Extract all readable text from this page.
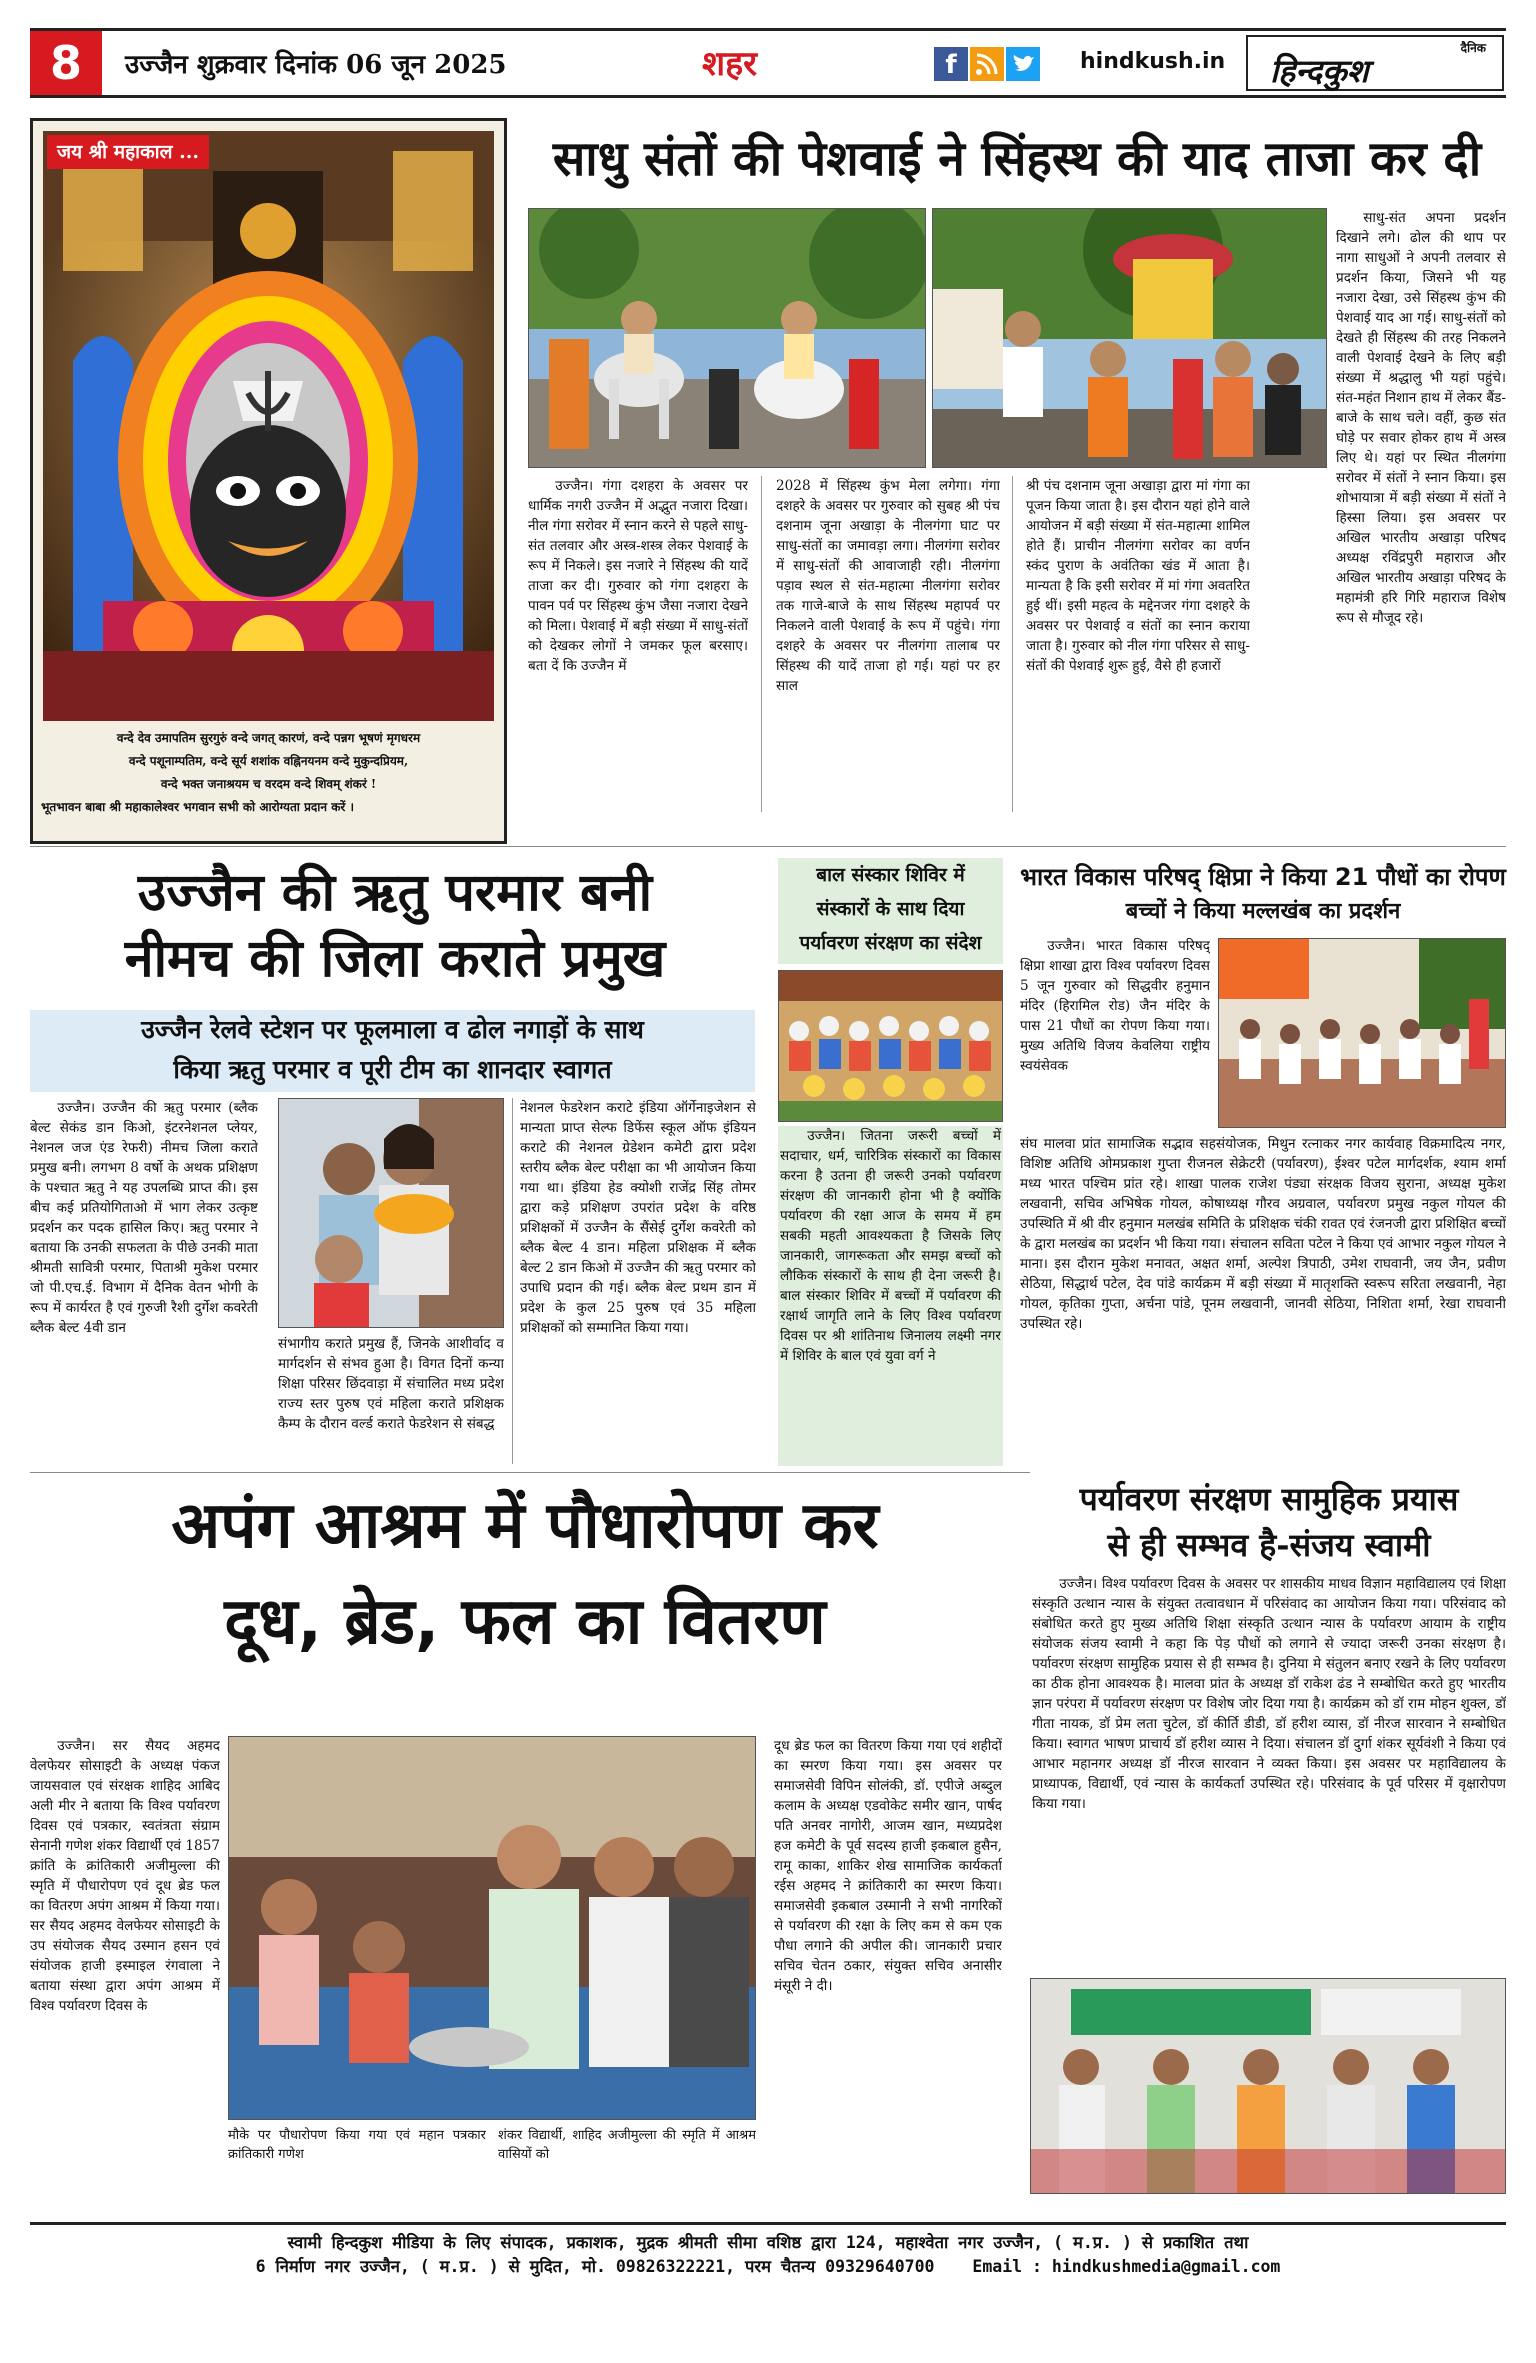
8	उज्जैन शुक्रवार दिनांक 06 जून 2025	शहर	f	hindkush.in
दैनिक
हिन्दकुश
जय श्री महाकाल ...
वन्दे देव उमापतिम सुरगुरुं वन्दे जगत् कारणं, वन्दे पन्नग भूषणं मृगधरम
वन्दे पशूनाम्पतिम, वन्दे सूर्य शशांक वह्निनयनम वन्दे मुकुन्दप्रियम,
वन्दे भक्त जनाश्रयम च वरदम वन्दे शिवम् शंकरं !
भूतभावन बाबा श्री महाकालेश्वर भगवान सभी को आरोग्यता प्रदान करें ।
साधु संतों की पेशवाई ने सिंहस्थ की याद ताजा कर दी
उज्जैन। गंगा दशहरा के अवसर पर धार्मिक नगरी उज्जैन में अद्भुत नजारा दिखा। नील गंगा सरोवर में स्नान करने से पहले साधु-संत तलवार और अस्त्र-शस्त्र लेकर पेशवाई के रूप में निकले। इस नजारे ने सिंहस्थ की यादें ताजा कर दी। गुरुवार को गंगा दशहरा के पावन पर्व पर सिंहस्थ कुंभ जैसा नजारा देखने को मिला। पेशवाई में बड़ी संख्या में साधु-संतों को देखकर लोगों ने जमकर फूल बरसाए। बता दें कि उज्जैन में
2028 में सिंहस्थ कुंभ मेला लगेगा। गंगा दशहरे के अवसर पर गुरुवार को सुबह श्री पंच दशनाम जूना अखाड़ा के नीलगंगा घाट पर साधु-संतों का जमावड़ा लगा। नीलगंगा सरोवर में साधु-संतों की आवाजाही रही। नीलगंगा पड़ाव स्थल से संत-महात्मा नीलगंगा सरोवर तक गाजे-बाजे के साथ सिंहस्थ महापर्व पर निकलने वाली पेशवाई के रूप में पहुंचे। गंगा दशहरे के अवसर पर नीलगंगा तालाब पर सिंहस्थ की यादें ताजा हो गई। यहां पर हर साल
श्री पंच दशनाम जूना अखाड़ा द्वारा मां गंगा का पूजन किया जाता है। इस दौरान यहां होने वाले आयोजन में बड़ी संख्या में संत-महात्मा शामिल होते हैं। प्राचीन नीलगंगा सरोवर का वर्णन स्कंद पुराण के अवंतिका खंड में आता है। मान्यता है कि इसी सरोवर में मां गंगा अवतरित हुई थीं। इसी महत्व के मद्देनजर गंगा दशहरे के अवसर पर पेशवाई व संतों का स्नान कराया जाता है। गुरुवार को नील गंगा परिसर से साधु-संतों की पेशवाई शुरू हुई, वैसे ही हजारों
साधु-संत अपना प्रदर्शन दिखाने लगे। ढोल की थाप पर नागा साधुओं ने अपनी तलवार से प्रदर्शन किया, जिसने भी यह नजारा देखा, उसे सिंहस्थ कुंभ की पेशवाई याद आ गई। साधु-संतों को देखते ही सिंहस्थ की तरह निकलने वाली पेशवाई देखने के लिए बड़ी संख्या में श्रद्धालु भी यहां पहुंचे। संत-महंत निशान हाथ में लेकर बैंड-बाजे के साथ चले। वहीं, कुछ संत घोड़े पर सवार होकर हाथ में अस्त्र लिए थे। यहां पर स्थित नीलगंगा सरोवर में संतों ने स्नान किया। इस शोभायात्रा में बड़ी संख्या में संतों ने हिस्सा लिया। इस अवसर पर अखिल भारतीय अखाड़ा परिषद अध्यक्ष रविंद्रपुरी महाराज और अखिल भारतीय अखाड़ा परिषद के महामंत्री हरि गिरि महाराज विशेष रूप से मौजूद रहे।
उज्जैन की ऋतु परमार बनी
नीमच की जिला कराते प्रमुख
उज्जैन रेलवे स्टेशन पर फूलमाला व ढोल नगाड़ों के साथ
किया ऋतु परमार व पूरी टीम का शानदार स्वागत
उज्जैन। उज्जैन की ऋतु परमार (ब्लैक बेल्ट सेकंड डान किओ, इंटरनेशनल प्लेयर, नेशनल जज एंड रेफरी) नीमच जिला कराते प्रमुख बनी। लगभग 8 वर्षो के अथक प्रशिक्षण के पश्चात ऋतु ने यह उपलब्धि प्राप्त की। इस बीच कई प्रतियोगिताओ में भाग लेकर उत्कृष्ट प्रदर्शन कर पदक हासिल किए। ऋतु परमार ने बताया कि उनकी सफलता के पीछे उनकी माता श्रीमती सावित्री परमार, पिताश्री मुकेश परमार जो पी.एच.ई. विभाग में दैनिक वेतन भोगी के रूप में कार्यरत है एवं गुरुजी रैशी दुर्गेश कवरेती ब्लैक बेल्ट 4वी डान
संभागीय कराते प्रमुख हैं, जिनके आशीर्वाद व मार्गदर्शन से संभव हुआ है। विगत दिनों कन्या शिक्षा परिसर छिंदवाड़ा में संचालित मध्य प्रदेश राज्य स्तर पुरुष एवं महिला कराते प्रशिक्षक कैम्प के दौरान वर्ल्ड कराते फेडरेशन से संबद्ध
नेशनल फेडरेशन कराटे इंडिया ऑर्गेनाइजेशन से मान्यता प्राप्त सेल्फ डिफेंस स्कूल ऑफ इंडियन कराटे की नेशनल ग्रेडेशन कमेटी द्वारा प्रदेश स्तरीय ब्लैक बेल्ट परीक्षा का भी आयोजन किया गया था। इंडिया हेड क्योशी राजेंद्र सिंह तोमर द्वारा कड़े प्रशिक्षण उपरांत प्रदेश के वरिष्ठ प्रशिक्षकों में उज्जैन के सैंसेई दुर्गेश कवरेती को ब्लैक बेल्ट 4 डान। महिला प्रशिक्षक में ब्लैक बेल्ट 2 डान किओ में उज्जैन की ऋतु परमार को उपाधि प्रदान की गई। ब्लैक बेल्ट प्रथम डान में प्रदेश के कुल 25 पुरुष एवं 35 महिला प्रशिक्षकों को सम्मानित किया गया।
बाल संस्कार शिविर में
संस्कारों के साथ दिया
पर्यावरण संरक्षण का संदेश
उज्जैन। जितना जरूरी बच्चों में सदाचार, धर्म, चारित्रिक संस्कारों का विकास करना है उतना ही जरूरी उनको पर्यावरण संरक्षण की जानकारी होना भी है क्योंकि पर्यावरण की रक्षा आज के समय में हम सबकी महती आवश्यकता है जिसके लिए जानकारी, जागरूकता और समझ बच्चों को लौकिक संस्कारों के साथ ही देना जरूरी है। बाल संस्कार शिविर में बच्चों में पर्यावरण की रक्षार्थ जागृति लाने के लिए विश्व पर्यावरण दिवस पर श्री शांतिनाथ जिनालय लक्ष्मी नगर में शिविर के बाल एवं युवा वर्ग ने
भारत विकास परिषद् क्षिप्रा ने किया 21 पौधों का रोपण
बच्चों ने किया मल्लखंब का प्रदर्शन
उज्जैन। भारत विकास परिषद् क्षिप्रा शाखा द्वारा विश्व पर्यावरण दिवस 5 जून गुरुवार को सिद्धवीर हनुमान मंदिर (हिरामिल रोड) जैन मंदिर के पास 21 पौधों का रोपण किया गया। मुख्य अतिथि विजय केवलिया राष्ट्रीय स्वयंसेवक
संघ मालवा प्रांत सामाजिक सद्भाव सहसंयोजक, मिथुन रत्नाकर नगर कार्यवाह विक्रमादित्य नगर, विशिष्ट अतिथि ओमप्रकाश गुप्ता रीजनल सेक्रेटरी (पर्यावरण), ईश्वर पटेल मार्गदर्शक, श्याम शर्मा मध्य भारत पश्चिम प्रांत रहे। शाखा पालक राजेश पंड्या संरक्षक विजय सुराना, अध्यक्ष मुकेश लखवानी, सचिव अभिषेक गोयल, कोषाध्यक्ष गौरव अग्रवाल, पर्यावरण प्रमुख नकुल गोयल की उपस्थिति में श्री वीर हनुमान मलखंब समिति के प्रशिक्षक चंकी रावत एवं रंजनजी द्वारा प्रशिक्षित बच्चों के द्वारा मलखंब का प्रदर्शन भी किया गया। संचालन सविता पटेल ने किया एवं आभार नकुल गोयल ने माना। इस दौरान मुकेश मनावत, अक्षत शर्मा, अल्पेश त्रिपाठी, उमेश राघवानी, जय जैन, प्रवीण सेठिया, सिद्धार्थ पटेल, देव पांडे कार्यक्रम में बड़ी संख्या में मातृशक्ति स्वरूप सरिता लखवानी, नेहा गोयल, कृतिका गुप्ता, अर्चना पांडे, पूनम लखवानी, जानवी सेठिया, निशिता शर्मा, रेखा राघवानी उपस्थित रहे।
अपंग आश्रम में पौधारोपण कर
दूध, ब्रेड, फल का वितरण
उज्जैन। सर सैयद अहमद वेलफेयर सोसाइटी के अध्यक्ष पंकज जायसवाल एवं संरक्षक शाहिद आबिद अली मीर ने बताया कि विश्व पर्यावरण दिवस एवं पत्रकार, स्वतंत्रता संग्राम सेनानी गणेश शंकर विद्यार्थी एवं 1857 क्रांति के क्रांतिकारी अजीमुल्ला की स्मृति में पौधारोपण एवं दूध ब्रेड फल का वितरण अपंग आश्रम में किया गया। सर सैयद अहमद वेलफेयर सोसाइटी के उप संयोजक सैयद उस्मान हसन एवं संयोजक हाजी इस्माइल रंगवाला ने बताया संस्था द्वारा अपंग आश्रम में विश्व पर्यावरण दिवस के
मौके पर पौधारोपण किया गया एवं महान पत्रकार क्रांतिकारी गणेश
शंकर विद्यार्थी, शाहिद अजीमुल्ला की स्मृति में आश्रम वासियों को
दूध ब्रेड फल का वितरण किया गया एवं शहीदों का स्मरण किया गया। इस अवसर पर समाजसेवी विपिन सोलंकी, डॉ. एपीजे अब्दुल कलाम के अध्यक्ष एडवोकेट समीर खान, पार्षद पति अनवर नागोरी, आजम खान, मध्यप्रदेश हज कमेटी के पूर्व सदस्य हाजी इकबाल हुसैन, रामू काका, शाकिर शेख सामाजिक कार्यकर्ता रईस अहमद ने क्रांतिकारी का स्मरण किया। समाजसेवी इकबाल उस्मानी ने सभी नागरिकों से पर्यावरण की रक्षा के लिए कम से कम एक पौधा लगाने की अपील की। जानकारी प्रचार सचिव चेतन ठकार, संयुक्त सचिव अनासीर मंसूरी ने दी।
पर्यावरण संरक्षण सामुहिक प्रयास
से ही सम्भव है-संजय स्वामी
उज्जैन। विश्व पर्यावरण दिवस के अवसर पर शासकीय माधव विज्ञान महाविद्यालय एवं शिक्षा संस्कृति उत्थान न्यास के संयुक्त तत्वावधान में परिसंवाद का आयोजन किया गया। परिसंवाद को संबोधित करते हुए मुख्य अतिथि शिक्षा संस्कृति उत्थान न्यास के पर्यावरण आयाम के राष्ट्रीय संयोजक संजय स्वामी ने कहा कि पेड़ पौधों को लगाने से ज्यादा जरूरी उनका संरक्षण है। पर्यावरण संरक्षण सामुहिक प्रयास से ही सम्भव है। दुनिया मे संतुलन बनाए रखने के लिए पर्यावरण का ठीक होना आवश्यक है। मालवा प्रांत के अध्यक्ष डॉ राकेश ढंड ने सम्बोधित करते हुए भारतीय ज्ञान परंपरा में पर्यावरण संरक्षण पर विशेष जोर दिया गया है। कार्यक्रम को डॉ राम मोहन शुक्ल, डॉ गीता नायक, डॉ प्रेम लता चुटेल, डॉ कीर्ति डीडी, डॉ हरीश व्यास, डॉ नीरज सारवान ने सम्बोधित किया। स्वागत भाषण प्राचार्य डॉ हरीश व्यास ने दिया। संचालन डॉ दुर्गा शंकर सूर्यवंशी ने किया एवं आभार महानगर अध्यक्ष डॉ नीरज सारवान ने व्यक्त किया। इस अवसर पर महाविद्यालय के प्राध्यापक, विद्यार्थी, एवं न्यास के कार्यकर्ता उपस्थित रहे। परिसंवाद के पूर्व परिसर में वृक्षारोपण किया गया।
स्वामी हिन्दकुश मीडिया के लिए संपादक, प्रकाशक, मुद्रक श्रीमती सीमा वशिष्ठ द्वारा 124, महाश्वेता नगर उज्जैन, ( म.प्र. ) से प्रकाशित तथा
6 निर्माण नगर उज्जैन, ( म.प्र. ) से मुदित, मो. 09826322221, परम चैतन्य 09329640700 Email : hindkushmedia@gmail.com
